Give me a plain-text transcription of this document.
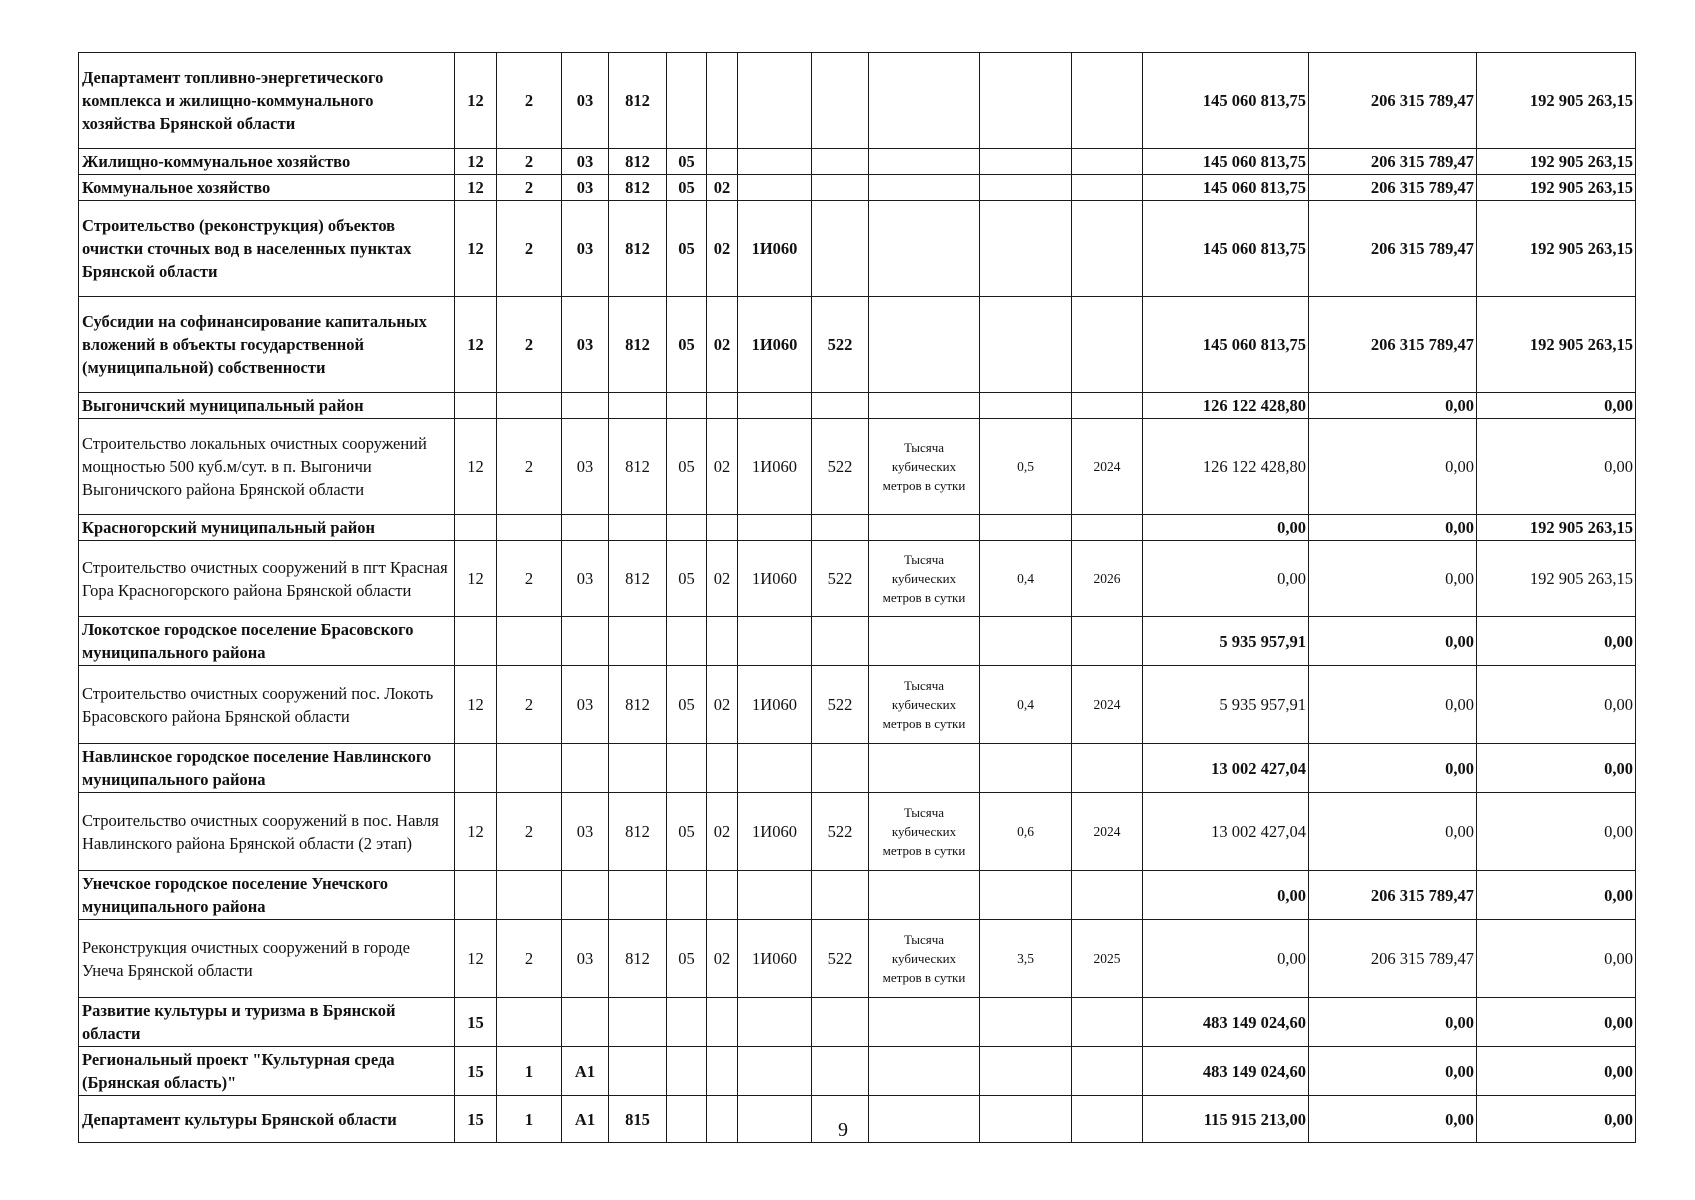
Департамент топливно-энергетического комплекса и жилищно-коммунального хозяйства Брянской области	12	2	03	812								145 060 813,75	206 315 789,47	192 905 263,15
Жилищно-коммунальное хозяйство	12	2	03	812	05							145 060 813,75	206 315 789,47	192 905 263,15
Коммунальное хозяйство	12	2	03	812	05	02						145 060 813,75	206 315 789,47	192 905 263,15
Строительство (реконструкция) объектов очистки сточных вод в населенных пунктах Брянской области	12	2	03	812	05	02	1И060					145 060 813,75	206 315 789,47	192 905 263,15
Субсидии на софинансирование капитальных вложений в объекты государственной (муниципальной) собственности	12	2	03	812	05	02	1И060	522				145 060 813,75	206 315 789,47	192 905 263,15
Выгоничский муниципальный район												126 122 428,80	0,00	0,00
Строительство локальных очистных сооружений мощностью 500 куб.м/сут. в п. Выгоничи Выгоничского района Брянской области	12	2	03	812	05	02	1И060	522	Тысяча кубических метров в сутки	0,5	2024	126 122 428,80	0,00	0,00
Красногорский муниципальный район												0,00	0,00	192 905 263,15
Строительство очистных сооружений в пгт Красная Гора Красногорского района Брянской области	12	2	03	812	05	02	1И060	522	Тысяча кубических метров в сутки	0,4	2026	0,00	0,00	192 905 263,15
Локотское городское поселение Брасовского муниципального района												5 935 957,91	0,00	0,00
Строительство очистных сооружений пос. Локоть Брасовского района Брянской области	12	2	03	812	05	02	1И060	522	Тысяча кубических метров в сутки	0,4	2024	5 935 957,91	0,00	0,00
Навлинское городское поселение Навлинского муниципального района												13 002 427,04	0,00	0,00
Строительство очистных сооружений в пос. Навля Навлинского района Брянской области (2 этап)	12	2	03	812	05	02	1И060	522	Тысяча кубических метров в сутки	0,6	2024	13 002 427,04	0,00	0,00
Унечское городское поселение Унечского муниципального района												0,00	206 315 789,47	0,00
Реконструкция очистных сооружений в городе Унеча Брянской области	12	2	03	812	05	02	1И060	522	Тысяча кубических метров в сутки	3,5	2025	0,00	206 315 789,47	0,00
Развитие культуры и туризма в Брянской области	15											483 149 024,60	0,00	0,00
Региональный проект "Культурная среда (Брянская область)"	15	1	A1									483 149 024,60	0,00	0,00
Департамент культуры Брянской области	15	1	A1	815								115 915 213,00	0,00	0,00
9
